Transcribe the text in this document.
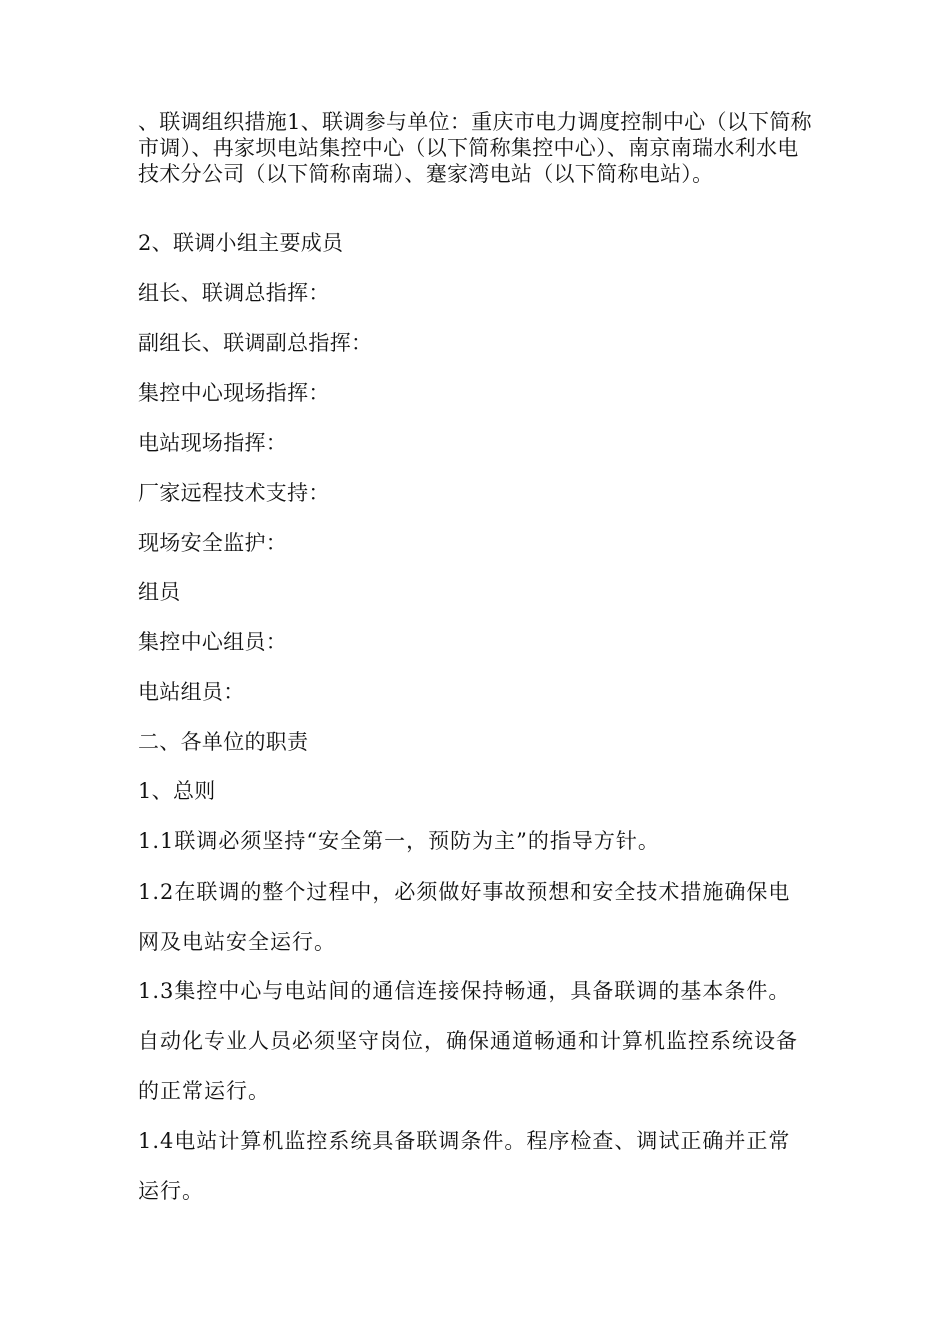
、联调组织措施1、联调参与单位：重庆市电力调度控制中心（以下简称市调）、冉家坝电站集控中心（以下简称集控中心）、南京南瑞水利水电技术分公司（以下简称南瑞）、蹇家湾电站（以下简称电站）。
2、联调小组主要成员
组长、联调总指挥：
副组长、联调副总指挥：
集控中心现场指挥：
电站现场指挥：
厂家远程技术支持：
现场安全监护：
组员
集控中心组员：
电站组员：
二、各单位的职责
1、总则
1.1联调必须坚持“安全第一，预防为主”的指导方针。
1.2在联调的整个过程中，必须做好事故预想和安全技术措施确保电
网及电站安全运行。
1.3集控中心与电站间的通信连接保持畅通，具备联调的基本条件。
自动化专业人员必须坚守岗位，确保通道畅通和计算机监控系统设备
的正常运行。
1.4电站计算机监控系统具备联调条件。程序检查、调试正确并正常
运行。
